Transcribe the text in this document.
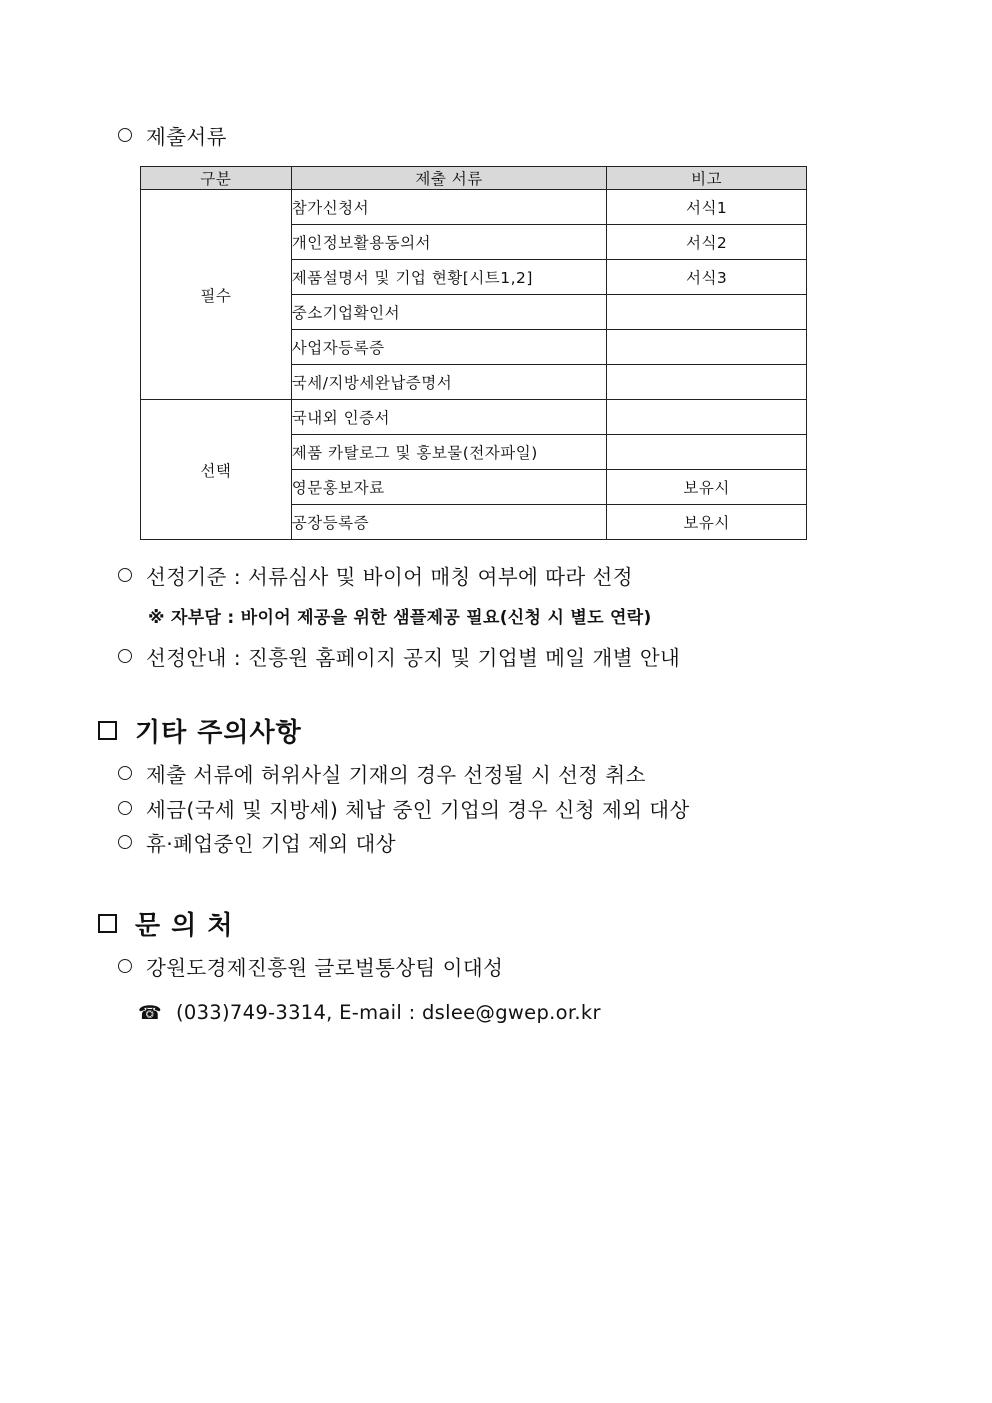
제출서류
구분	제출 서류	비고
필수	참가신청서	서식1
	개인정보활용동의서	서식2
	제품설명서 및 기업 현황[시트1,2]	서식3
	중소기업확인서	
	사업자등록증	
	국세/지방세완납증명서	
선택	국내외 인증서	
	제품 카탈로그 및 홍보물(전자파일)	
	영문홍보자료	보유시
	공장등록증	보유시
선정기준 : 서류심사 및 바이어 매칭 여부에 따라 선정
※ 자부담 : 바이어 제공을 위한 샘플제공 필요(신청 시 별도 연락)
선정안내 : 진흥원 홈페이지 공지 및 기업별 메일 개별 안내
기타 주의사항
제출 서류에 허위사실 기재의 경우 선정될 시 선정 취소
세금(국세 및 지방세) 체납 중인 기업의 경우 신청 제외 대상
휴·폐업중인 기업 제외 대상
문 의 처
강원도경제진흥원 글로벌통상팀 이대성
☎ (033)749-3314, E-mail : dslee@gwep.or.kr
